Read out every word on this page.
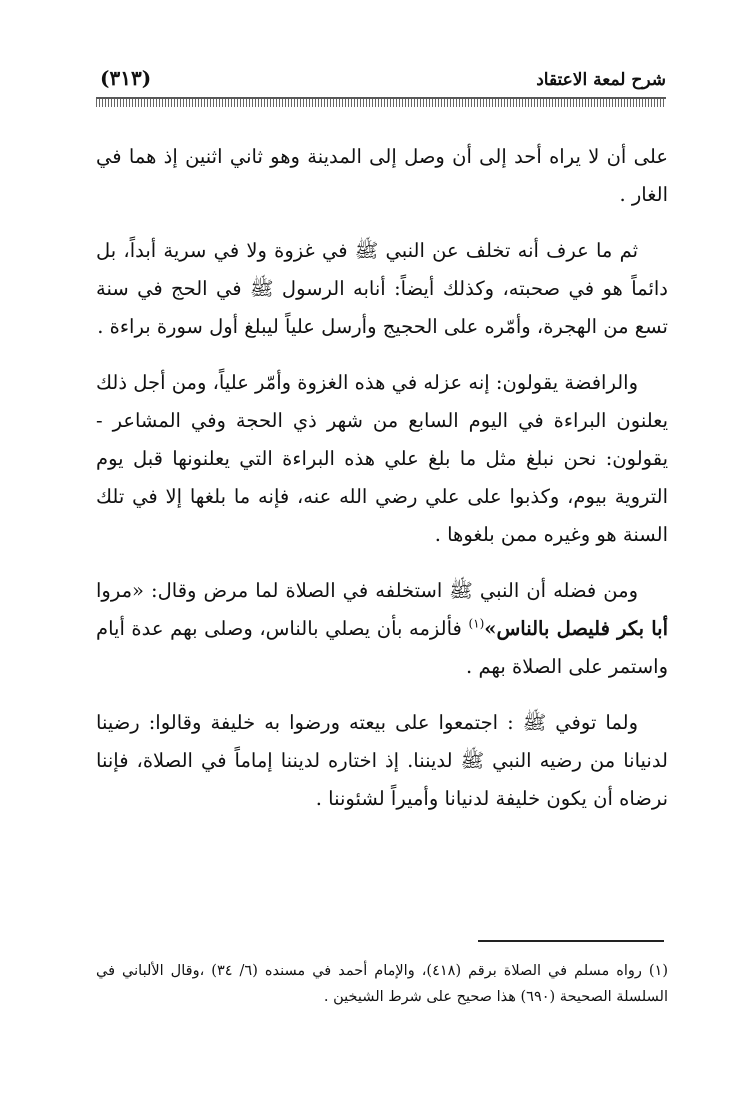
شرح لمعة الاعتقاد
(٣١٣)

على أن لا يراه أحد إلى أن وصل إلى المدينة وهو ثاني اثنين إذ هما في الغار .

ثم ما عرف أنه تخلف عن النبي ﷺ في غزوة ولا في سرية أبداً، بل دائماً هو في صحبته، وكذلك أيضاً: أنابه الرسول ﷺ في الحج في سنة تسع من الهجرة، وأمّره على الحجيج وأرسل علياً ليبلغ أول سورة براءة .

والرافضة يقولون: إنه عزله في هذه الغزوة وأمّر علياً، ومن أجل ذلك يعلنون البراءة في اليوم السابع من شهر ذي الحجة وفي المشاعر - يقولون: نحن نبلغ مثل ما بلغ علي هذه البراءة التي يعلنونها قبل يوم التروية بيوم، وكذبوا على علي رضي الله عنه، فإنه ما بلغها إلا في تلك السنة هو وغيره ممن بلغوها .

ومن فضله أن النبي ﷺ استخلفه في الصلاة لما مرض وقال: «مروا أبا بكر فليصل بالناس»$^{(١)}$ فألزمه بأن يصلي بالناس، وصلى بهم عدة أيام واستمر على الصلاة بهم .

ولما توفي ﷺ : اجتمعوا على بيعته ورضوا به خليفة وقالوا: رضينا لدنيانا من رضيه النبي ﷺ لديننا. إذ اختاره لديننا إماماً في الصلاة، فإننا نرضاه أن يكون خليفة لدنيانا وأميراً لشئوننا .

(١) رواه مسلم في الصلاة برقم (٤١٨)، والإمام أحمد في مسنده (٦/ ٣٤) ،وقال الألباني في السلسلة الصحيحة (٦٩٠) هذا صحيح على شرط الشيخين .
